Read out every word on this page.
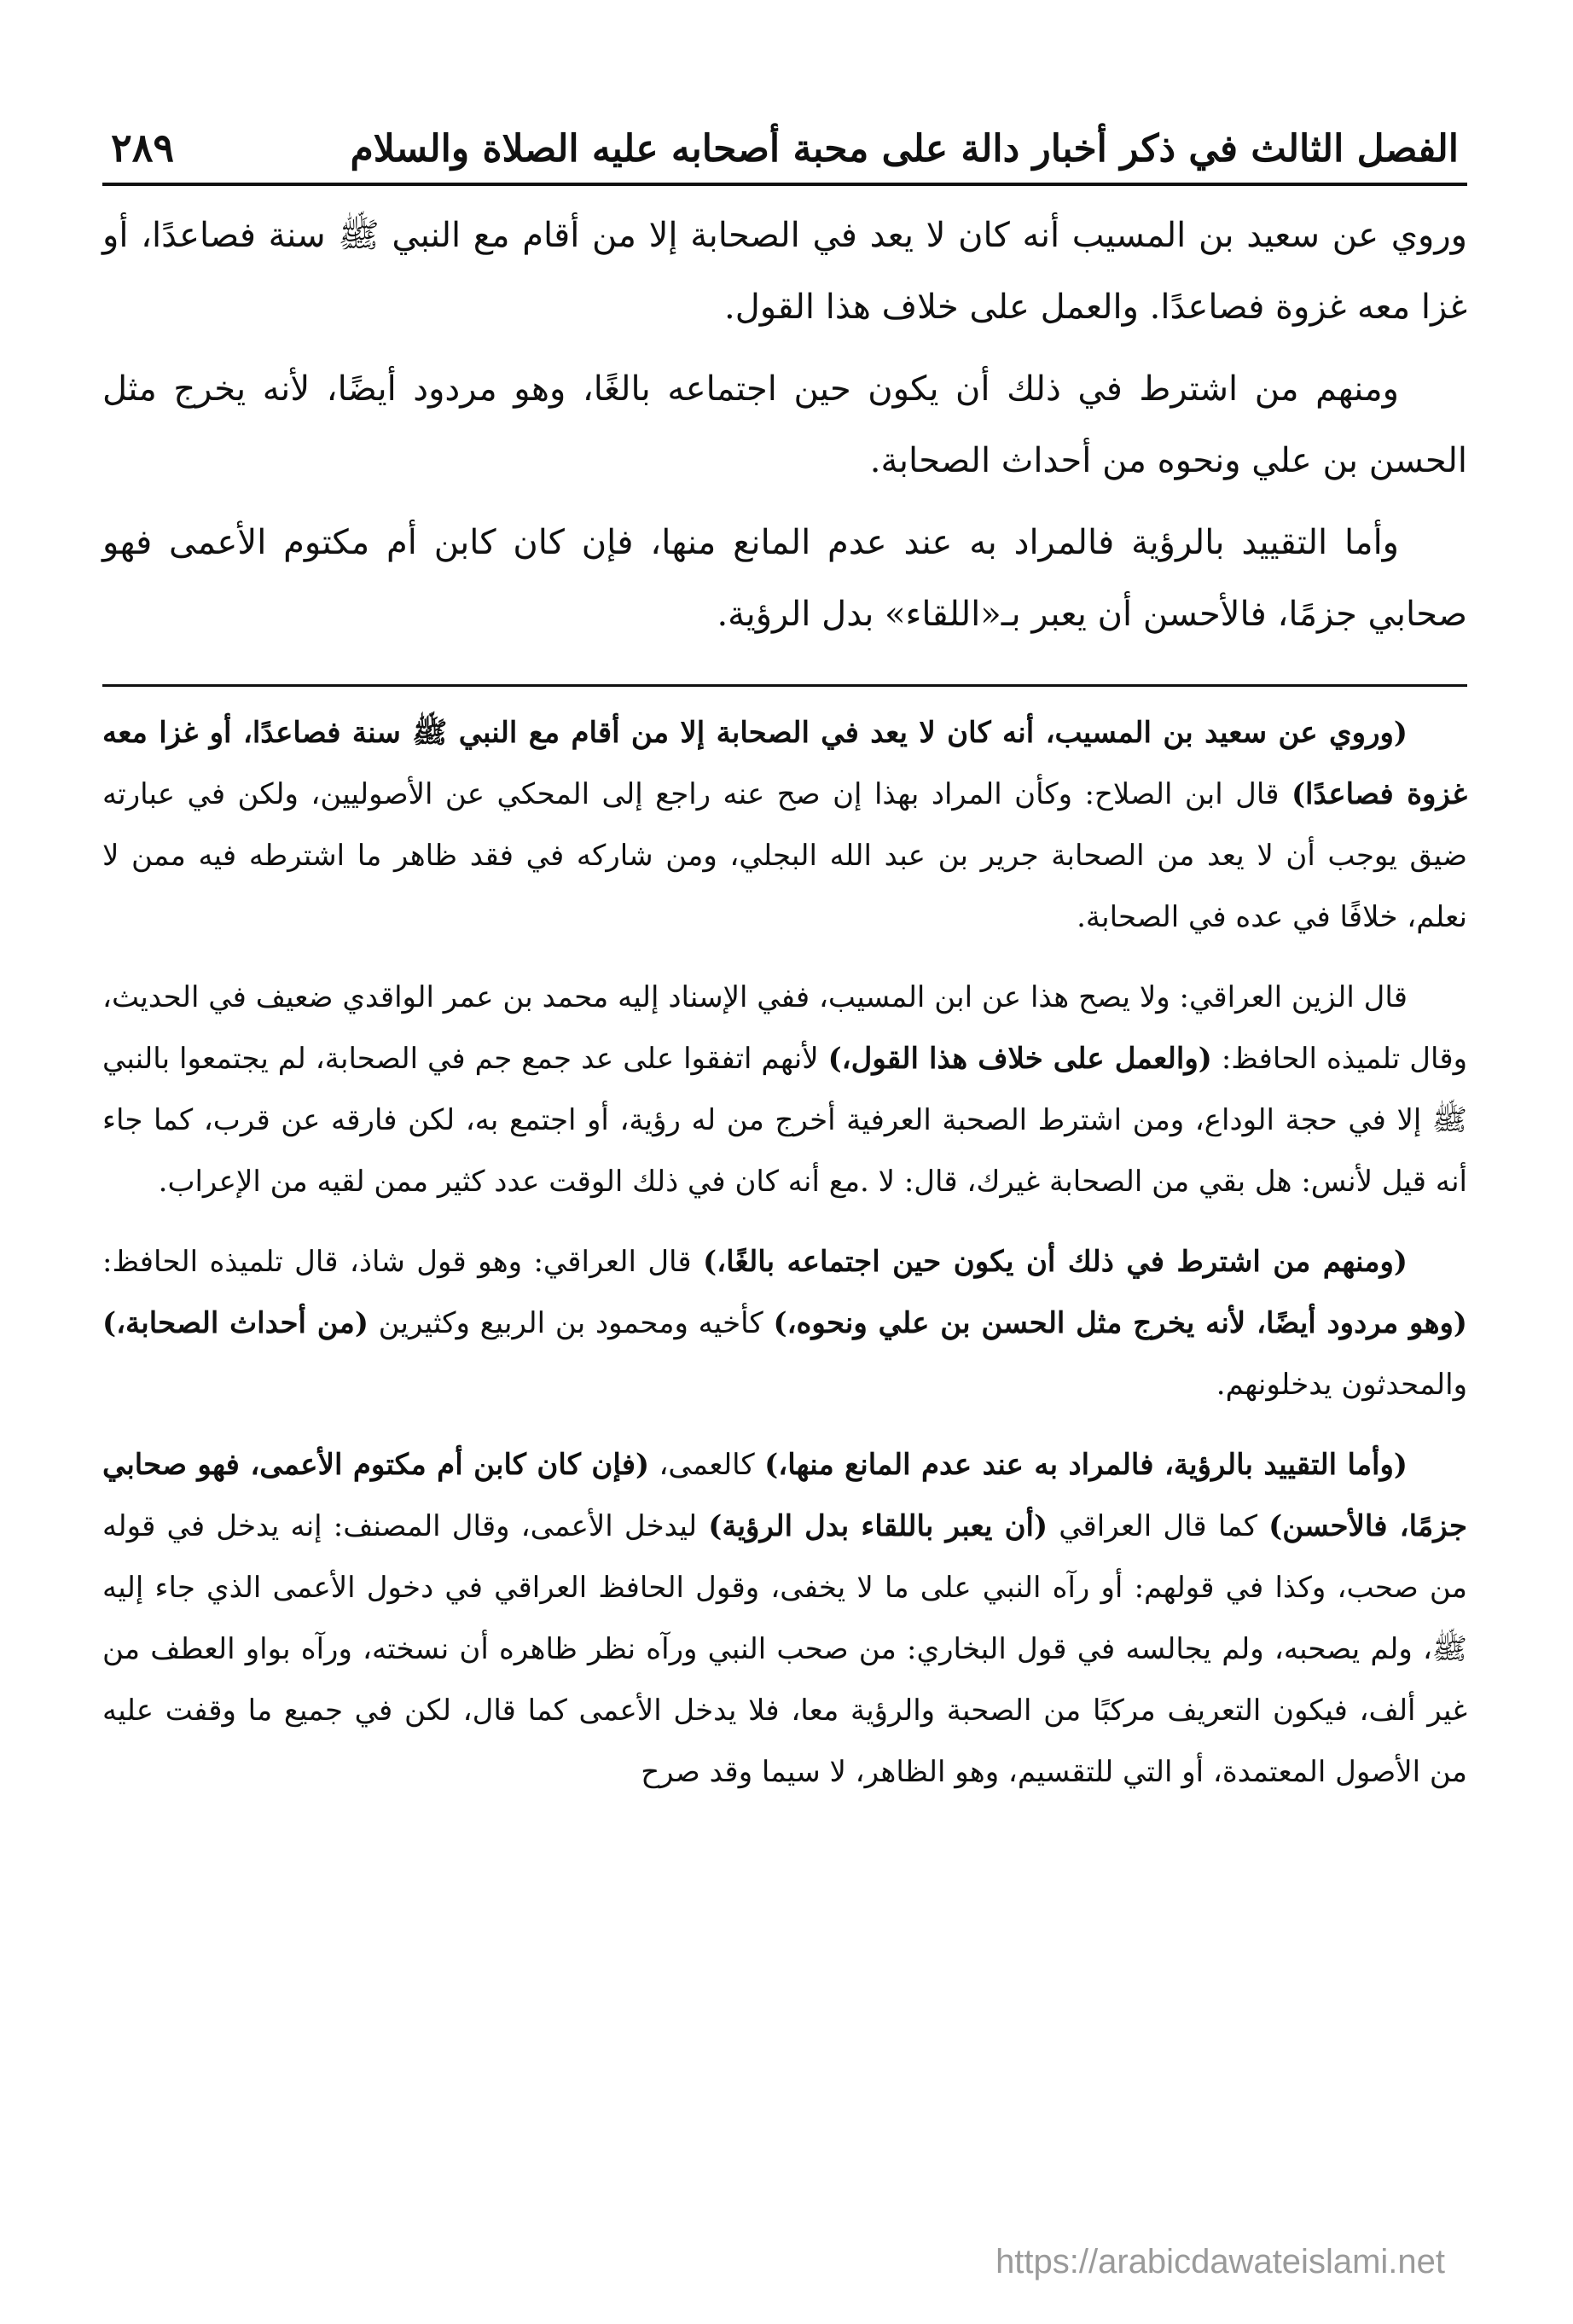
الفصل الثالث في ذكر أخبار دالة على محبة أصحابه عليه الصلاة والسلام
٢٨٩

وروي عن سعيد بن المسيب أنه كان لا يعد في الصحابة إلا من أقام مع النبي ﷺ سنة فصاعدًا، أو غزا معه غزوة فصاعدًا. والعمل على خلاف هذا القول.

ومنهم من اشترط في ذلك أن يكون حين اجتماعه بالغًا، وهو مردود أيضًا، لأنه يخرج مثل الحسن بن علي ونحوه من أحداث الصحابة.

وأما التقييد بالرؤية فالمراد به عند عدم المانع منها، فإن كان كابن أم مكتوم الأعمى فهو صحابي جزمًا، فالأحسن أن يعبر بـ«اللقاء» بدل الرؤية.

(وروي عن سعيد بن المسيب، أنه كان لا يعد في الصحابة إلا من أقام مع النبي ﷺ سنة فصاعدًا، أو غزا معه غزوة فصاعدًا) قال ابن الصلاح: وكأن المراد بهذا إن صح عنه راجع إلى المحكي عن الأصوليين، ولكن في عبارته ضيق يوجب أن لا يعد من الصحابة جرير بن عبد الله البجلي، ومن شاركه في فقد ظاهر ما اشترطه فيه ممن لا نعلم، خلافًا في عده في الصحابة.

قال الزين العراقي: ولا يصح هذا عن ابن المسيب، ففي الإسناد إليه محمد بن عمر الواقدي ضعيف في الحديث، وقال تلميذه الحافظ: (والعمل على خلاف هذا القول،) لأنهم اتفقوا على عد جمع جم في الصحابة، لم يجتمعوا بالنبي ﷺ إلا في حجة الوداع، ومن اشترط الصحبة العرفية أخرج من له رؤية، أو اجتمع به، لكن فارقه عن قرب، كما جاء أنه قيل لأنس: هل بقي من الصحابة غيرك، قال: لا .مع أنه كان في ذلك الوقت عدد كثير ممن لقيه من الإعراب.

(ومنهم من اشترط في ذلك أن يكون حين اجتماعه بالغًا،) قال العراقي: وهو قول شاذ، قال تلميذه الحافظ: (وهو مردود أيضًا، لأنه يخرج مثل الحسن بن علي ونحوه،) كأخيه ومحمود بن الربيع وكثيرين (من أحداث الصحابة،) والمحدثون يدخلونهم.

(وأما التقييد بالرؤية، فالمراد به عند عدم المانع منها،) كالعمى، (فإن كان كابن أم مكتوم الأعمى، فهو صحابي جزمًا، فالأحسن) كما قال العراقي (أن يعبر باللقاء بدل الرؤية) ليدخل الأعمى، وقال المصنف: إنه يدخل في قوله من صحب، وكذا في قولهم: أو رآه النبي على ما لا يخفى، وقول الحافظ العراقي في دخول الأعمى الذي جاء إليه ﷺ، ولم يصحبه، ولم يجالسه في قول البخاري: من صحب النبي ورآه نظر ظاهره أن نسخته، ورآه بواو العطف من غير ألف، فيكون التعريف مركبًا من الصحبة والرؤية معا، فلا يدخل الأعمى كما قال، لكن في جميع ما وقفت عليه من الأصول المعتمدة، أو التي للتقسيم، وهو الظاهر، لا سيما وقد صرح

https://arabicdawateislami.net
